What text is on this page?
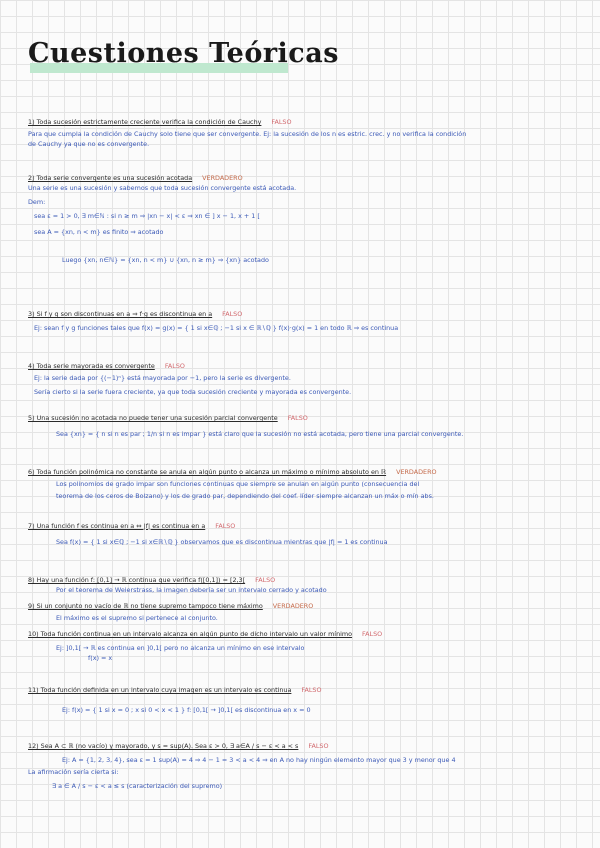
Cuestiones Teóricas
1) Toda sucesión estrictamente creciente verifica la condición de Cauchy FALSO
Para que cumpla la condición de Cauchy solo tiene que ser convergente. Ej: la sucesión de los n es estric. crec. y no verifica la condición
de Cauchy ya que no es convergente.
2) Toda serie convergente es una sucesión acotada VERDADERO
Una serie es una sucesión y sabemos que toda sucesión convergente está acotada.
Dem:
sea ε = 1 > 0, ∃ m∈ℕ : si n ≥ m ⇒ |xn − x| < ε ⇒ xn ∈ ] x − 1, x + 1 [
sea A = {xn, n < m} es finito ⇒ acotado
Luego {xn, n∈ℕ} = {xn, n < m} ∪ {xn, n ≥ m} ⇒ {xn} acotado
3) Si f y g son discontinuas en a ⇒ f·g es discontinua en a FALSO
Ej: sean f y g funciones tales que f(x) = g(x) = { 1 si x∈ℚ ; −1 si x ∈ ℝ∖ℚ } f(x)·g(x) = 1 en todo ℝ ⇒ es continua
4) Toda serie mayorada es convergente FALSO
Ej: la serie dada por {(−1)ⁿ} está mayorada por −1, pero la serie es divergente.
Sería cierto si la serie fuera creciente, ya que toda sucesión creciente y mayorada es convergente.
5) Una sucesión no acotada no puede tener una sucesión parcial convergente FALSO
Sea {xn} = { n si n es par ; 1/n si n es impar } está claro que la sucesión no está acotada, pero tiene una parcial convergente.
6) Toda función polinómica no constante se anula en algún punto o alcanza un máximo o mínimo absoluto en ℝ VERDADERO
Los polinomios de grado impar son funciones continuas que siempre se anulan en algún punto (consecuencia del
teorema de los ceros de Bolzano) y los de grado par, dependiendo del coef. líder siempre alcanzan un máx o mín abs.
7) Una función f es continua en a ⇔ |f| es continua en a FALSO
Sea f(x) = { 1 si x∈ℚ ; −1 si x∈ℝ∖ℚ } observamos que es discontinua mientras que |f| = 1 es continua
8) Hay una función f: [0,1] → ℝ continua que verifica f([0,1]) = [2,3[ FALSO
Por el teorema de Weierstrass, la imagen debería ser un intervalo cerrado y acotado
9) Si un conjunto no vacío de ℝ no tiene supremo tampoco tiene máximo VERDADERO
El máximo es el supremo si pertenece al conjunto.
10) Toda función continua en un intervalo alcanza en algún punto de dicho intervalo un valor mínimo FALSO
Ej: ]0,1[ → ℝ es continua en ]0,1[ pero no alcanza un mínimo en ese intervalo
f(x) = x
11) Toda función definida en un intervalo cuya imagen es un intervalo es continua FALSO
Ej: f(x) = { 1 si x = 0 ; x si 0 < x < 1 } f: [0,1[ → ]0,1[ es discontinua en x = 0
12) Sea A ⊂ ℝ (no vacío) y mayorado, y s = sup(A). Sea ε > 0, ∃ a∈A / s − ε < a < s FALSO
Ej: A = {1, 2, 3, 4}, sea ε = 1 sup(A) = 4 ⇒ 4 − 1 = 3 < a < 4 ⇒ en A no hay ningún elemento mayor que 3 y menor que 4
La afirmación sería cierta si:
∃ a ∈ A / s − ε < a ≤ s (caracterización del supremo)
